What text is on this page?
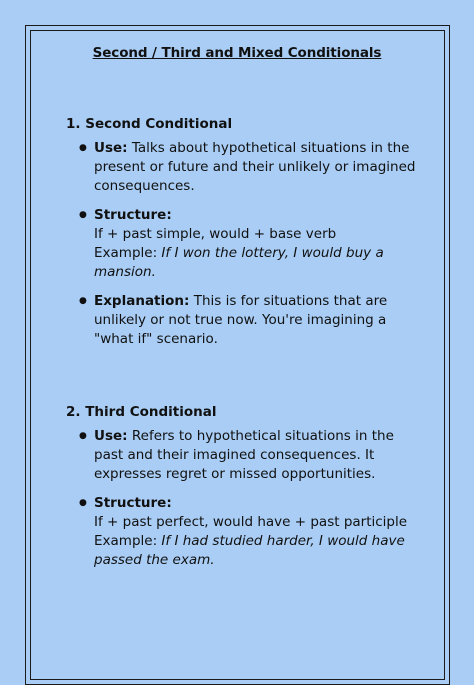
Second / Third and Mixed Conditionals

1. Second Conditional

● Use: Talks about hypothetical situations in the present or future and their unlikely or imagined consequences.
● Structure:
If + past simple, would + base verb
Example: If I won the lottery, I would buy a mansion.
● Explanation: This is for situations that are unlikely or not true now. You're imagining a "what if" scenario.

2. Third Conditional

● Use: Refers to hypothetical situations in the past and their imagined consequences. It expresses regret or missed opportunities.
● Structure:
If + past perfect, would have + past participle
Example: If I had studied harder, I would have passed the exam.
